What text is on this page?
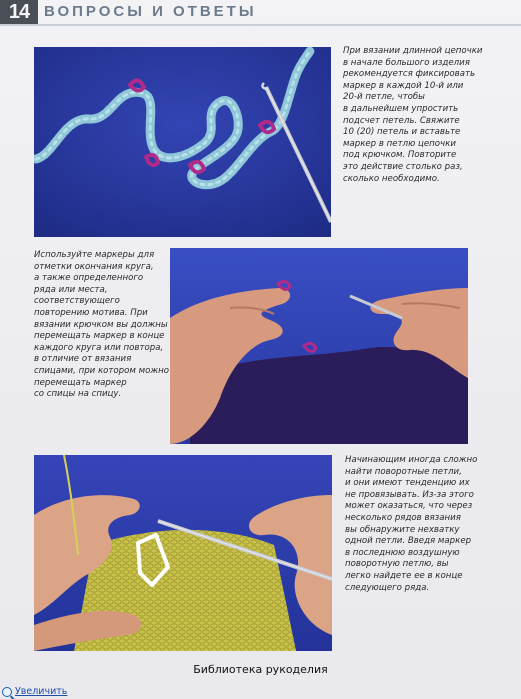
14 ВОПРОСЫ И ОТВЕТЫ
При вязании длинной цепочки
в начале большого изделия
рекомендуется фиксировать
маркер в каждой 10-й или
20-й петле, чтобы
в дальнейшем упростить
подсчет петель. Свяжите
10 (20) петель и вставьте
маркер в петлю цепочки
под крючком. Повторите
это действие столько раз,
сколько необходимо.
Используйте маркеры для
отметки окончания круга,
а также определенного
ряда или места,
соответствующего
повторению мотива. При
вязании крючком вы должны
перемещать маркер в конце
каждого круга или повтора,
в отличие от вязания
спицами, при котором можно
перемещать маркер
со спицы на спицу.
Начинающим иногда сложно
найти поворотные петли,
и они имеют тенденцию их
не провязывать. Из-за этого
может оказаться, что через
несколько рядов вязания
вы обнаружите нехватку
одной петли. Введя маркер
в последнюю воздушную
поворотную петлю, вы
легко найдете ее в конце
следующего ряда.
Библиотека рукоделия
Увеличить
